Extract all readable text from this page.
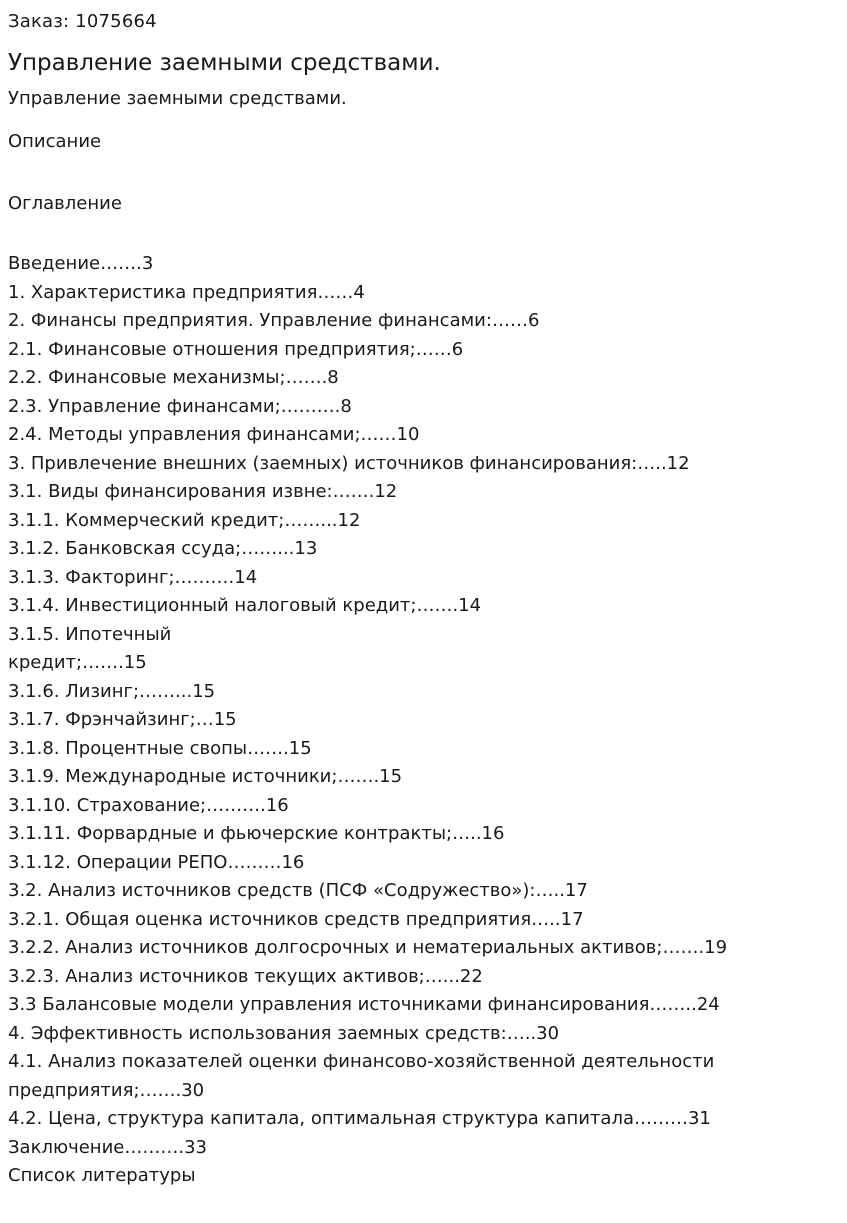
Заказ: 1075664
Управление заемными средствами.
Управление заемными средствами.
Описание
Оглавление
Введение…….3
1. Характеристика предприятия……4
2. Финансы предприятия. Управление финансами:……6
2.1. Финансовые отношения предприятия;……6
2.2. Финансовые механизмы;…….8
2.3. Управление финансами;……….8
2.4. Методы управления финансами;……10
3. Привлечение внешних (заемных) источников финансирования:…..12
3.1. Виды финансирования извне:…….12
3.1.1. Коммерческий кредит;……...12
3.1.2. Банковская ссуда;……...13
3.1.3. Факторинг;……….14
3.1.4. Инвестиционный налоговый кредит;…….14
3.1.5. Ипотечный
кредит;…….15
3.1.6. Лизинг;……...15
3.1.7. Фрэнчайзинг;…15
3.1.8. Процентные свопы…….15
3.1.9. Международные источники;…….15
3.1.10. Страхование;……….16
3.1.11. Форвардные и фьючерские контракты;…..16
3.1.12. Операции РЕПО………16
3.2. Анализ источников средств (ПСФ «Содружество»):…..17
3.2.1. Общая оценка источников средств предприятия…..17
3.2.2. Анализ источников долгосрочных и нематериальных активов;…….19
3.2.3. Анализ источников текущих активов;…...22
3.3 Балансовые модели управления источниками финансирования……..24
4. Эффективность использования заемных средств:…..30
4.1. Анализ показателей оценки финансово-хозяйственной деятельности
предприятия;…….30
4.2. Цена, структура капитала, оптимальная структура капитала………31
Заключение……….33
Список литературы
